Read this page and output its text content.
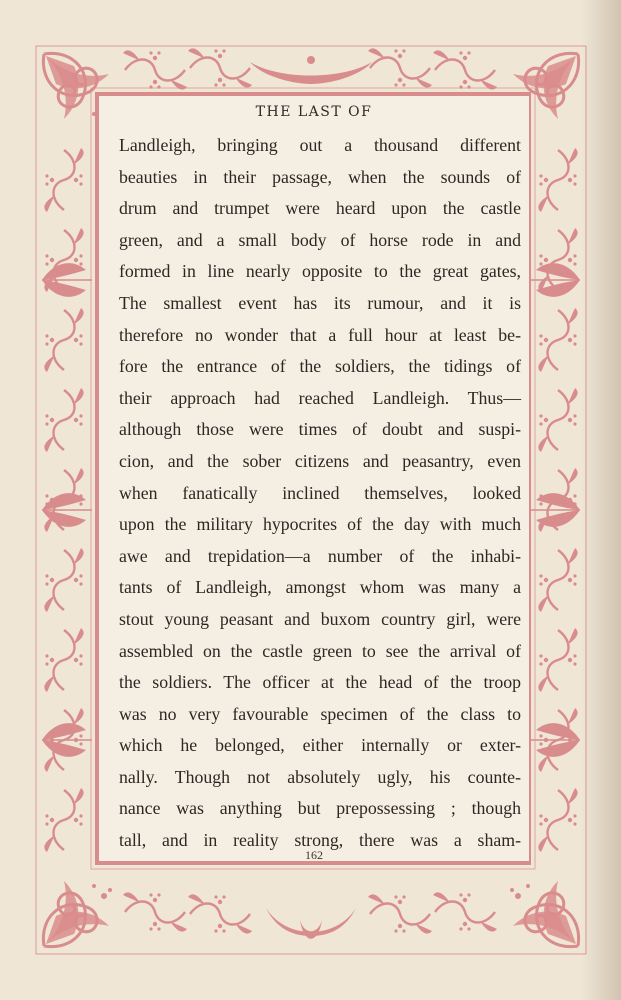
THE LAST OF
Landleigh, bringing out a thousand different
beauties in their passage, when the sounds of
drum and trumpet were heard upon the castle
green, and a small body of horse rode in and
formed in line nearly opposite to the great gates,
The smallest event has its rumour, and it is
therefore no wonder that a full hour at least be-
fore the entrance of the soldiers, the tidings of
their approach had reached Landleigh. Thus—
although those were times of doubt and suspi-
cion, and the sober citizens and peasantry, even
when fanatically inclined themselves, looked
upon the military hypocrites of the day with much
awe and trepidation—a number of the inhabi-
tants of Landleigh, amongst whom was many a
stout young peasant and buxom country girl, were
assembled on the castle green to see the arrival of
the soldiers. The officer at the head of the troop
was no very favourable specimen of the class to
which he belonged, either internally or exter-
nally. Though not absolutely ugly, his counte-
nance was anything but prepossessing ; though
tall, and in reality strong, there was a sham-
162
